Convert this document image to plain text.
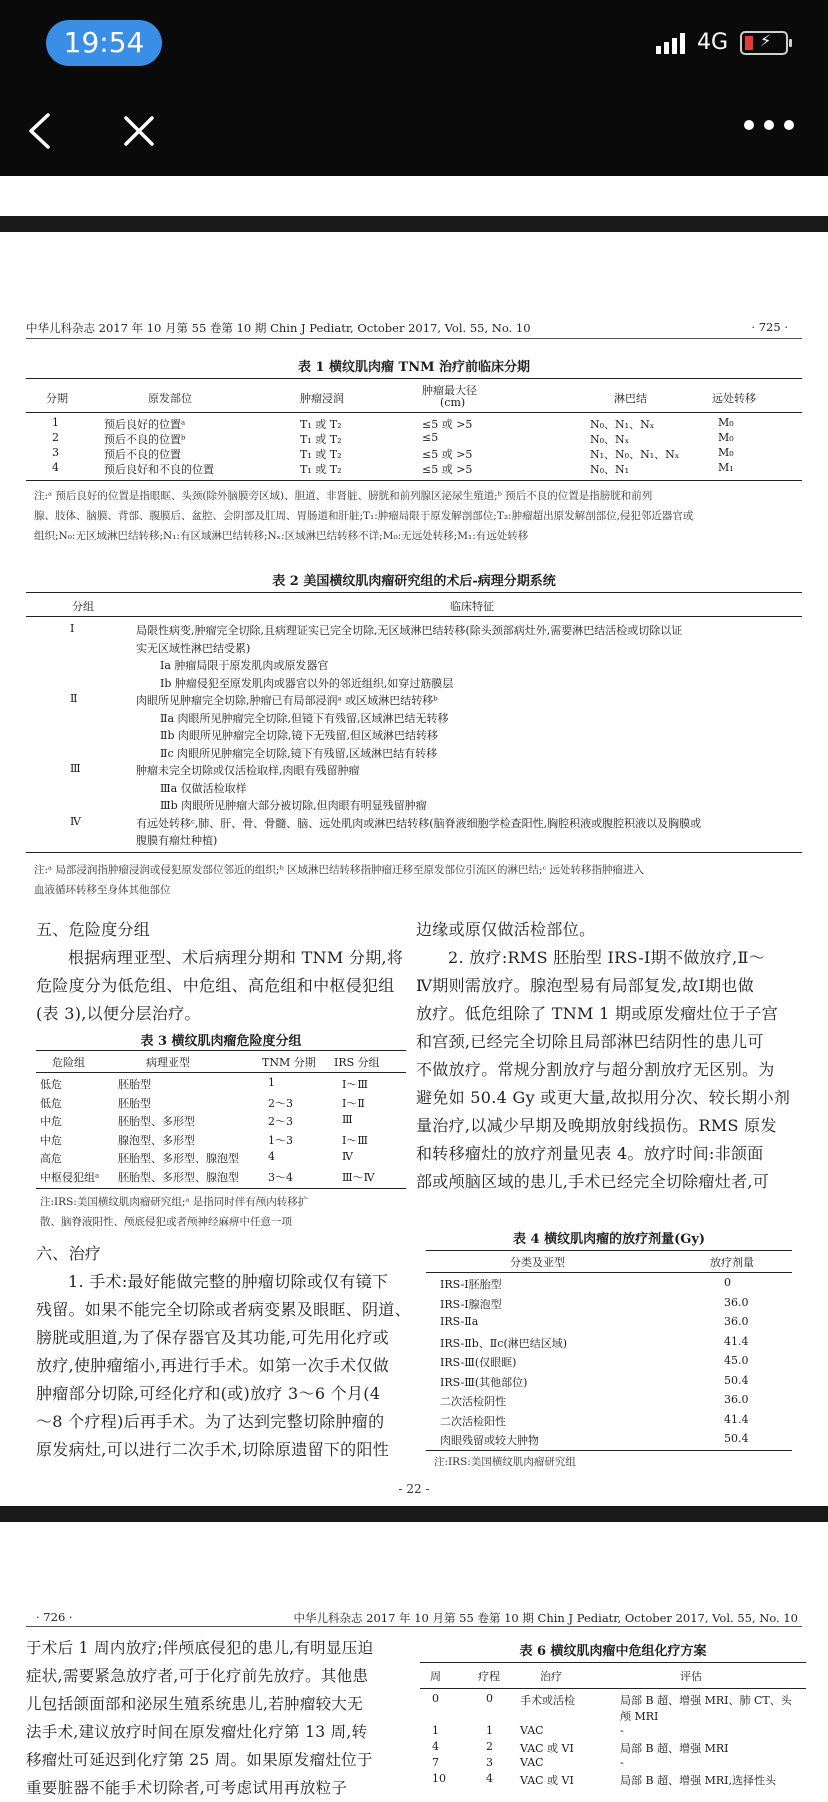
19:54	4G ⚡
中华儿科杂志 2017 年 10 月第 55 卷第 10 期 Chin J Pediatr, October 2017, Vol. 55, No. 10	· 725 ·
表 1 横纹肌肉瘤 TNM 治疗前临床分期
分期	原发部位	肿瘤浸润
肿瘤最大径
(cm)	淋巴结	远处转移
1	预后良好的位置ᵃ	T₁ 或 T₂	≤5 或 >5	N₀、N₁、Nₓ	M₀
2	预后不良的位置ᵇ	T₁ 或 T₂	≤5	N₀、Nₓ	M₀
3	预后不良的位置	T₁ 或 T₂	≤5 或 >5	N₁、N₀、N₁、Nₓ	M₀
4	预后良好和不良的位置	T₁ 或 T₂	≤5 或 >5	N₀、N₁	M₁
注:ᵃ 预后良好的位置是指眼眶、头颈(除外脑膜旁区域)、胆道、非肾脏、膀胱和前列腺区泌尿生殖道;ᵇ 预后不良的位置是指膀胱和前列
腺、肢体、脑膜、背部、腹膜后、盆腔、会阴部及肛周、胃肠道和肝脏;T₁:肿瘤局限于原发解剖部位;T₂:肿瘤超出原发解剖部位,侵犯邻近器官或
组织;N₀:无区域淋巴结转移;N₁:有区域淋巴结转移;Nₓ:区域淋巴结转移不详;M₀:无远处转移;M₁:有远处转移
表 2 美国横纹肌肉瘤研究组的术后-病理分期系统
分组	临床特征
Ⅰ	局限性病变,肿瘤完全切除,且病理证实已完全切除,无区域淋巴结转移(除头颈部病灶外,需要淋巴结活检或切除以证
实无区域性淋巴结受累)
Ⅰa 肿瘤局限于原发肌肉或原发器官
Ⅰb 肿瘤侵犯至原发肌肉或器官以外的邻近组织,如穿过筋膜层
Ⅱ	肉眼所见肿瘤完全切除,肿瘤已有局部浸润ᵃ 或区域淋巴结转移ᵇ
Ⅱa 肉眼所见肿瘤完全切除,但镜下有残留,区域淋巴结无转移
Ⅱb 肉眼所见肿瘤完全切除,镜下无残留,但区域淋巴结转移
Ⅱc 肉眼所见肿瘤完全切除,镜下有残留,区域淋巴结有转移
Ⅲ	肿瘤未完全切除或仅活检取样,肉眼有残留肿瘤
Ⅲa 仅做活检取样
Ⅲb 肉眼所见肿瘤大部分被切除,但肉眼有明显残留肿瘤
Ⅳ	有远处转移ᶜ,肺、肝、骨、骨髓、脑、远处肌肉或淋巴结转移(脑脊液细胞学检查阳性,胸腔积液或腹腔积液以及胸膜或
腹膜有瘤灶种植)
注:ᵃ 局部浸润指肿瘤浸润或侵犯原发部位邻近的组织;ᵇ 区域淋巴结转移指肿瘤迁移至原发部位引流区的淋巴结;ᶜ 远处转移指肿瘤进入
血液循环转移至身体其他部位
五、危险度分组
根据病理亚型、术后病理分期和 TNM 分期,将
危险度分为低危组、中危组、高危组和中枢侵犯组
(表 3),以便分层治疗。
表 3 横纹肌肉瘤危险度分组
危险组	病理亚型	TNM 分期 IRS 分组
低危	胚胎型	1	Ⅰ～Ⅲ
低危	胚胎型	2～3	Ⅰ～Ⅱ
中危	胚胎型、多形型	2～3	Ⅲ
中危	腺泡型、多形型	1～3	Ⅰ～Ⅲ
高危	胚胎型、多形型、腺泡型	4	Ⅳ
中枢侵犯组ᵃ 胚胎型、多形型、腺泡型	3～4	Ⅲ～Ⅳ
注:IRS:美国横纹肌肉瘤研究组;ᵃ 是指同时伴有颅内转移扩
散、脑脊液阳性、颅底侵犯或者颅神经麻痹中任意一项
六、治疗
1. 手术:最好能做完整的肿瘤切除或仅有镜下
残留。如果不能完全切除或者病变累及眼眶、阴道、
膀胱或胆道,为了保存器官及其功能,可先用化疗或
放疗,使肿瘤缩小,再进行手术。如第一次手术仅做
肿瘤部分切除,可经化疗和(或)放疗 3～6 个月(4
～8 个疗程)后再手术。为了达到完整切除肿瘤的
原发病灶,可以进行二次手术,切除原遗留下的阳性
边缘或原仅做活检部位。
2. 放疗:RMS 胚胎型 IRS-Ⅰ期不做放疗,Ⅱ～
Ⅳ期则需放疗。腺泡型易有局部复发,故Ⅰ期也做
放疗。低危组除了 TNM 1 期或原发瘤灶位于子宫
和宫颈,已经完全切除且局部淋巴结阴性的患儿可
不做放疗。常规分割放疗与超分割放疗无区别。为
避免如 50.4 Gy 或更大量,故拟用分次、较长期小剂
量治疗,以减少早期及晚期放射线损伤。RMS 原发
和转移瘤灶的放疗剂量见表 4。放疗时间:非颌面
部或颅脑区域的患儿,手术已经完全切除瘤灶者,可
表 4 横纹肌肉瘤的放疗剂量(Gy)
分类及亚型	放疗剂量
IRS-Ⅰ胚胎型	0
IRS-Ⅰ腺泡型	36.0
IRS-Ⅱa	36.0
IRS-Ⅱb、Ⅱc(淋巴结区域)	41.4
IRS-Ⅲ(仅眼眶)	45.0
IRS-Ⅲ(其他部位)	50.4
二次活检阴性	36.0
二次活检阳性	41.4
肉眼残留或较大肿物	50.4
注:IRS:美国横纹肌肉瘤研究组
- 22 -
· 726 ·	中华儿科杂志 2017 年 10 月第 55 卷第 10 期 Chin J Pediatr, October 2017, Vol. 55, No. 10
于术后 1 周内放疗;伴颅底侵犯的患儿,有明显压迫
症状,需要紧急放疗者,可于化疗前先放疗。其他患
儿包括颌面部和泌尿生殖系统患儿,若肿瘤较大无
法手术,建议放疗时间在原发瘤灶化疗第 13 周,转
移瘤灶可延迟到化疗第 25 周。如果原发瘤灶位于
重要脏器不能手术切除者,可考虑试用再放粒子
表 6 横纹肌肉瘤中危组化疗方案
周	疗程	治疗	评估
0	0 手术或活检	局部 B 超、增强 MRI、肺 CT、头
颅 MRI
1	1 VAC	-
4	2 VAC 或 VI	局部 B 超、增强 MRI
7	3 VAC	-
10	4 VAC 或 VI	局部 B 超、增强 MRI,选择性头
